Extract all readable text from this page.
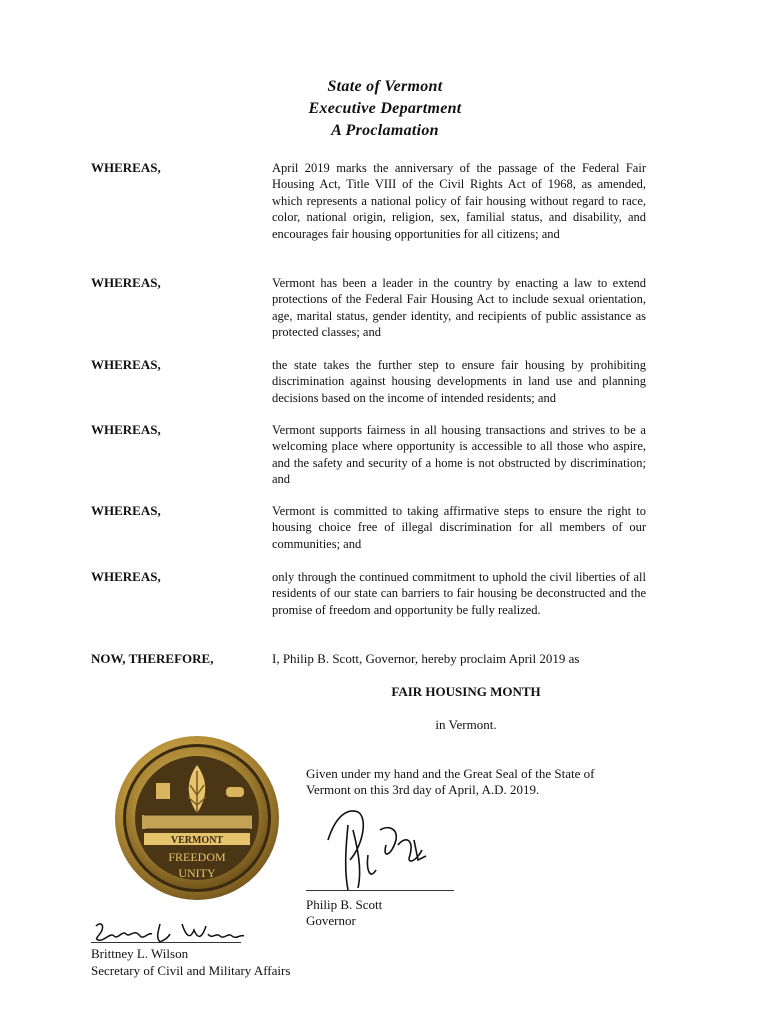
State of Vermont
Executive Department
A Proclamation
WHEREAS,	April 2019 marks the anniversary of the passage of the Federal Fair Housing Act, Title VIII of the Civil Rights Act of 1968, as amended, which represents a national policy of fair housing without regard to race, color, national origin, religion, sex, familial status, and disability, and encourages fair housing opportunities for all citizens; and
WHEREAS,	Vermont has been a leader in the country by enacting a law to extend protections of the Federal Fair Housing Act to include sexual orientation, age, marital status, gender identity, and recipients of public assistance as protected classes; and
WHEREAS,	the state takes the further step to ensure fair housing by prohibiting discrimination against housing developments in land use and planning decisions based on the income of intended residents; and
WHEREAS,	Vermont supports fairness in all housing transactions and strives to be a welcoming place where opportunity is accessible to all those who aspire, and the safety and security of a home is not obstructed by discrimination; and
WHEREAS,	Vermont is committed to taking affirmative steps to ensure the right to housing choice free of illegal discrimination for all members of our communities; and
WHEREAS,	only through the continued commitment to uphold the civil liberties of all residents of our state can barriers to fair housing be deconstructed and the promise of freedom and opportunity be fully realized.
NOW, THEREFORE,	I, Philip B. Scott, Governor, hereby proclaim April 2019 as
FAIR HOUSING MONTH
in Vermont.
VERMONT
FREEDOM
UNITY
Given under my hand and the Great Seal of the State of Vermont on this 3rd day of April, A.D. 2019.
Philip B. Scott
Governor
Brittney L. Wilson
Secretary of Civil and Military Affairs
